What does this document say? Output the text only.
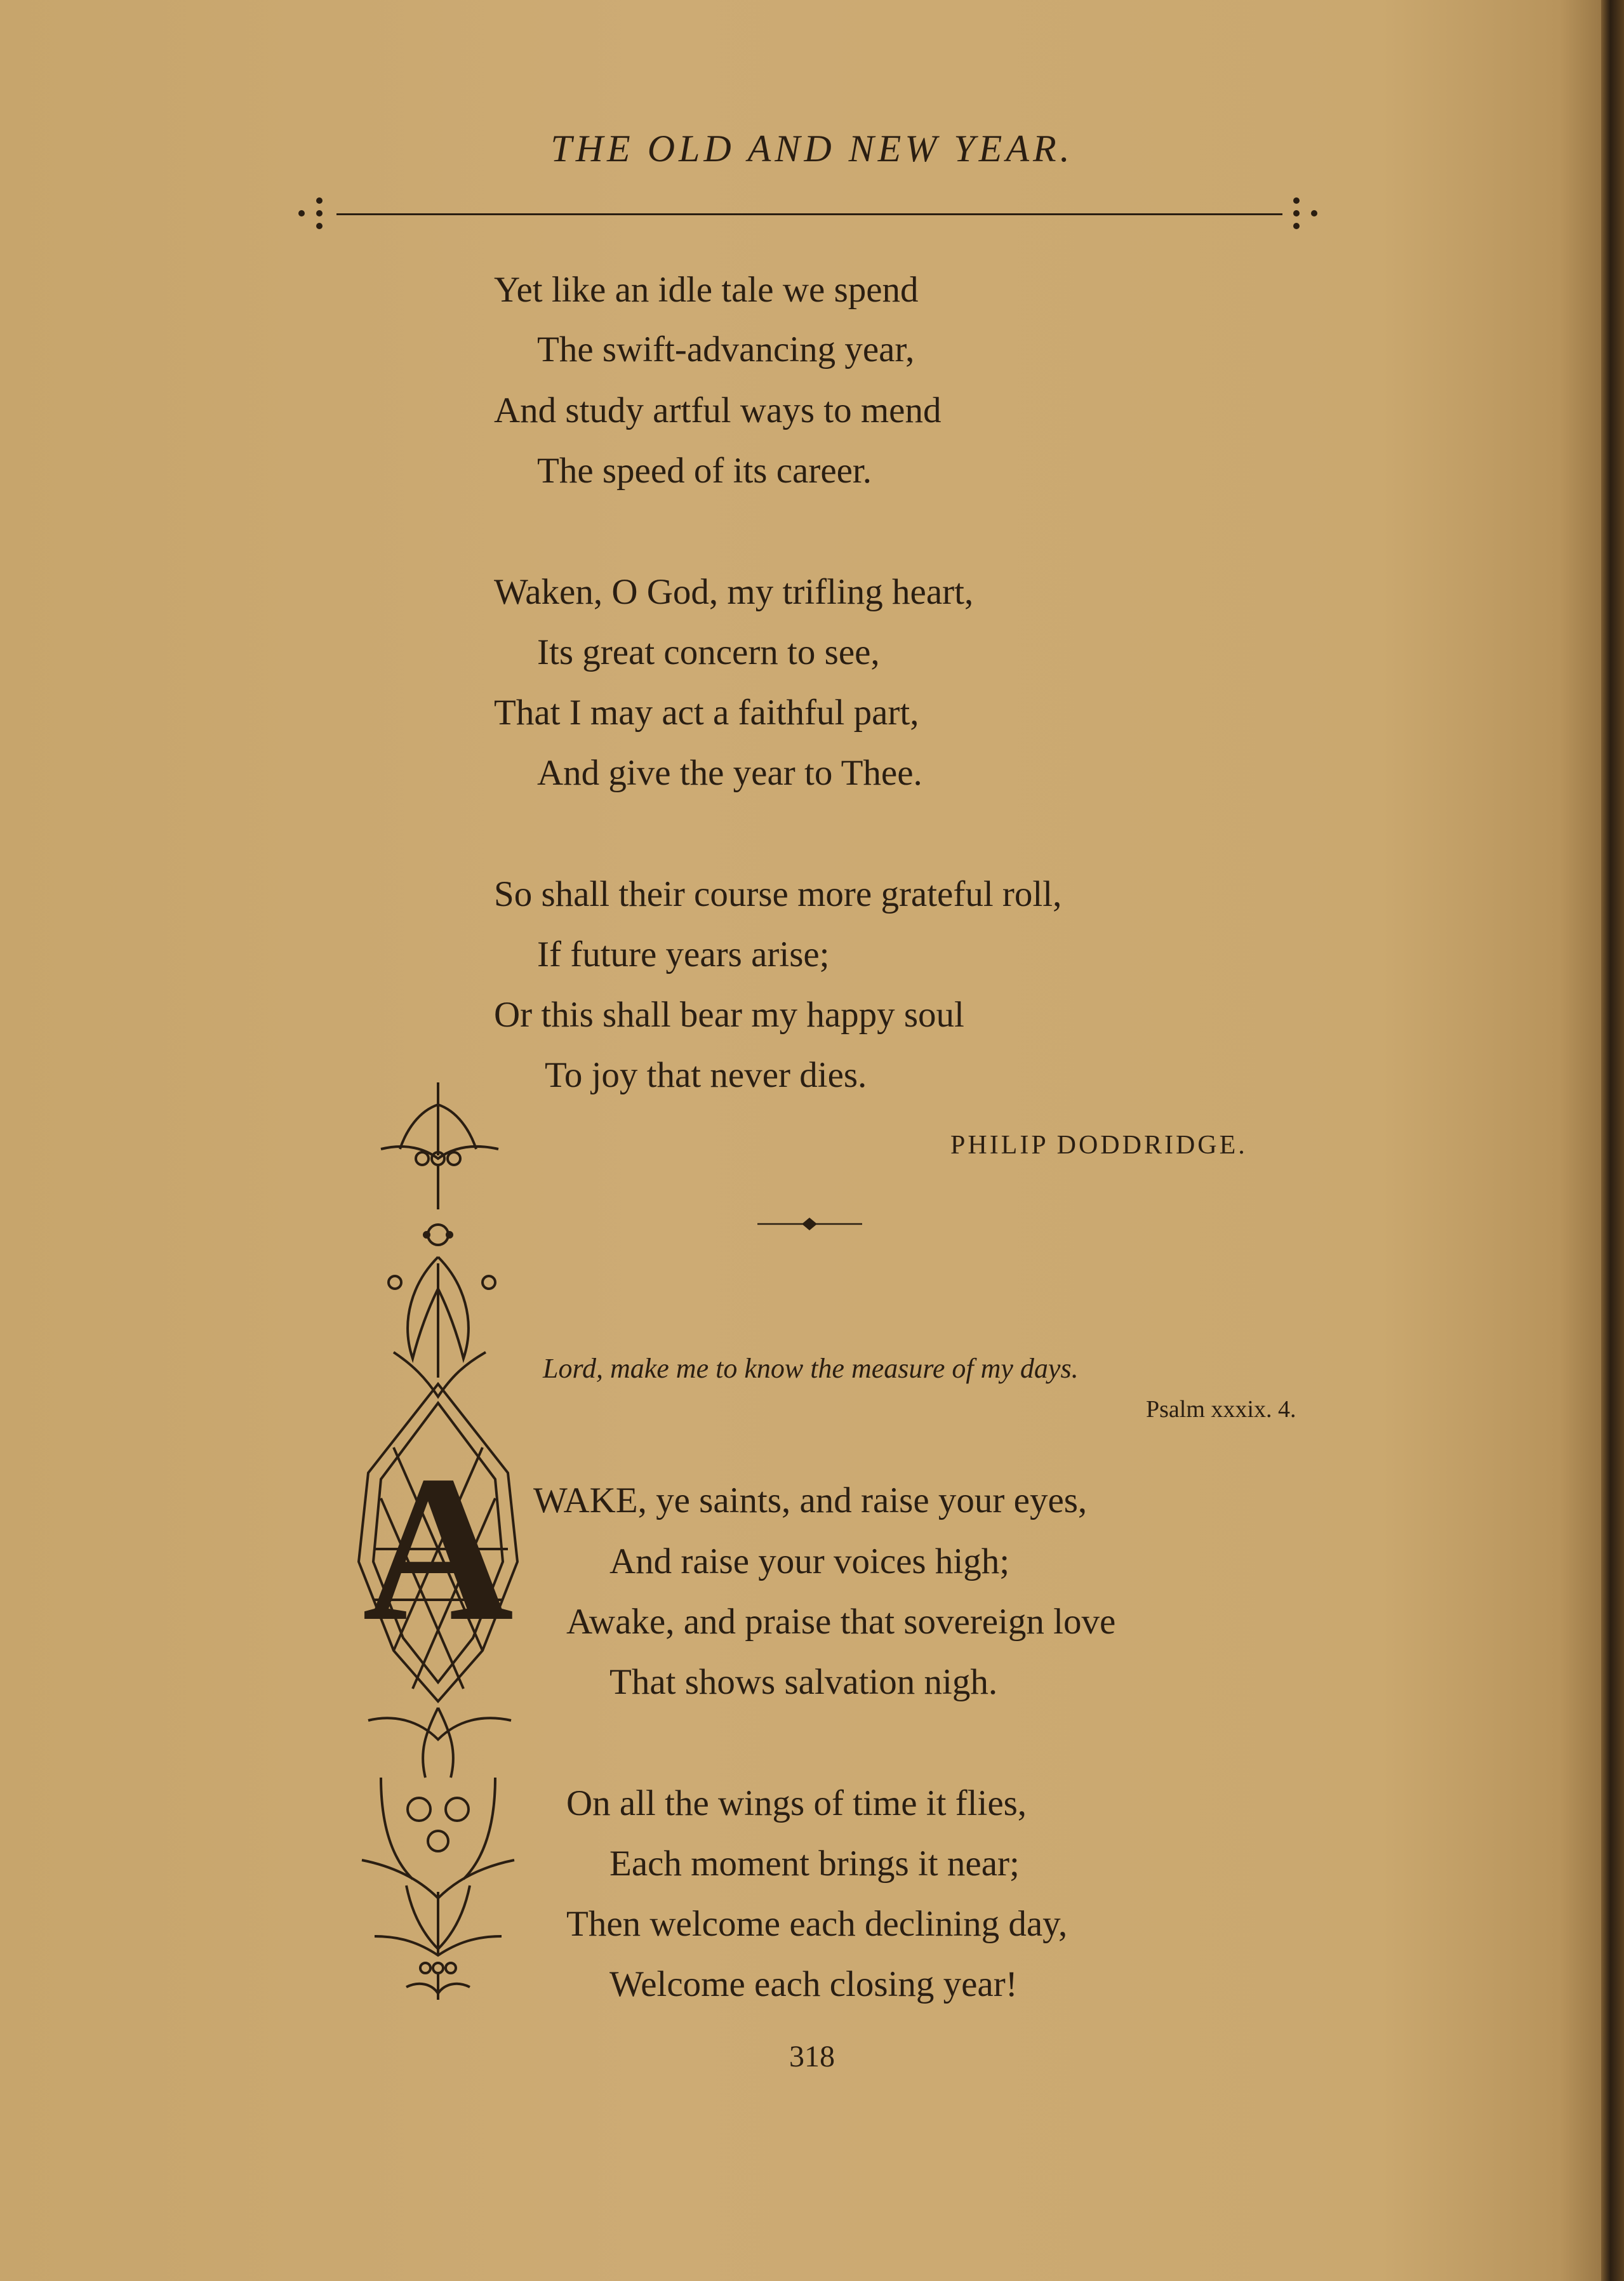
THE OLD AND NEW YEAR.
Yet like an idle tale we spend
The swift-advancing year,
And study artful ways to mend
The speed of its career.
Waken, O God, my trifling heart,
Its great concern to see,
That I may act a faithful part,
And give the year to Thee.
So shall their course more grateful roll,
If future years arise;
Or this shall bear my happy soul
To joy that never dies.
PHILIP DODDRIDGE.
Lord, make me to know the measure of my days.
Psalm xxxix. 4.
A WAKE, ye saints, and raise your eyes,
And raise your voices high;
Awake, and praise that sovereign love
That shows salvation nigh.
On all the wings of time it flies,
Each moment brings it near;
Then welcome each declining day,
Welcome each closing year!
318
